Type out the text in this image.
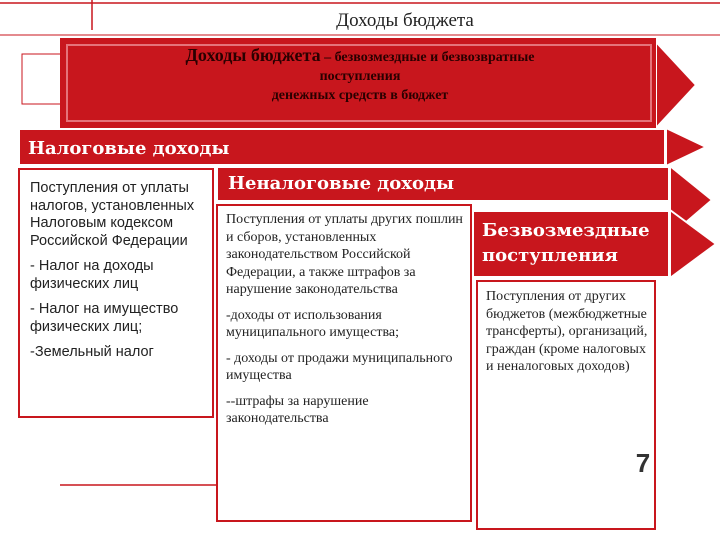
Доходы бюджета
Доходы бюджета – безвозмездные и безвозвратные
поступления
денежных средств в бюджет
Налоговые доходы

Поступления от уплаты налогов, установленных Налоговым кодексом Российской Федерации

- Налог на доходы физических лиц

- Налог на имущество физических лиц;

-Земельный налог

Неналоговые доходы

Поступления от уплаты других пошлин и сборов, установленных законодательством Российской Федерации, а также штрафов за нарушение законодательства

-доходы от использования муниципального имущества;

- доходы от продажи муниципального имущества

--штрафы за нарушение законодательства

Безвозмездные поступления
Поступления от других бюджетов (межбюджетные трансферты), организаций, граждан (кроме налоговых и неналоговых доходов)
7
